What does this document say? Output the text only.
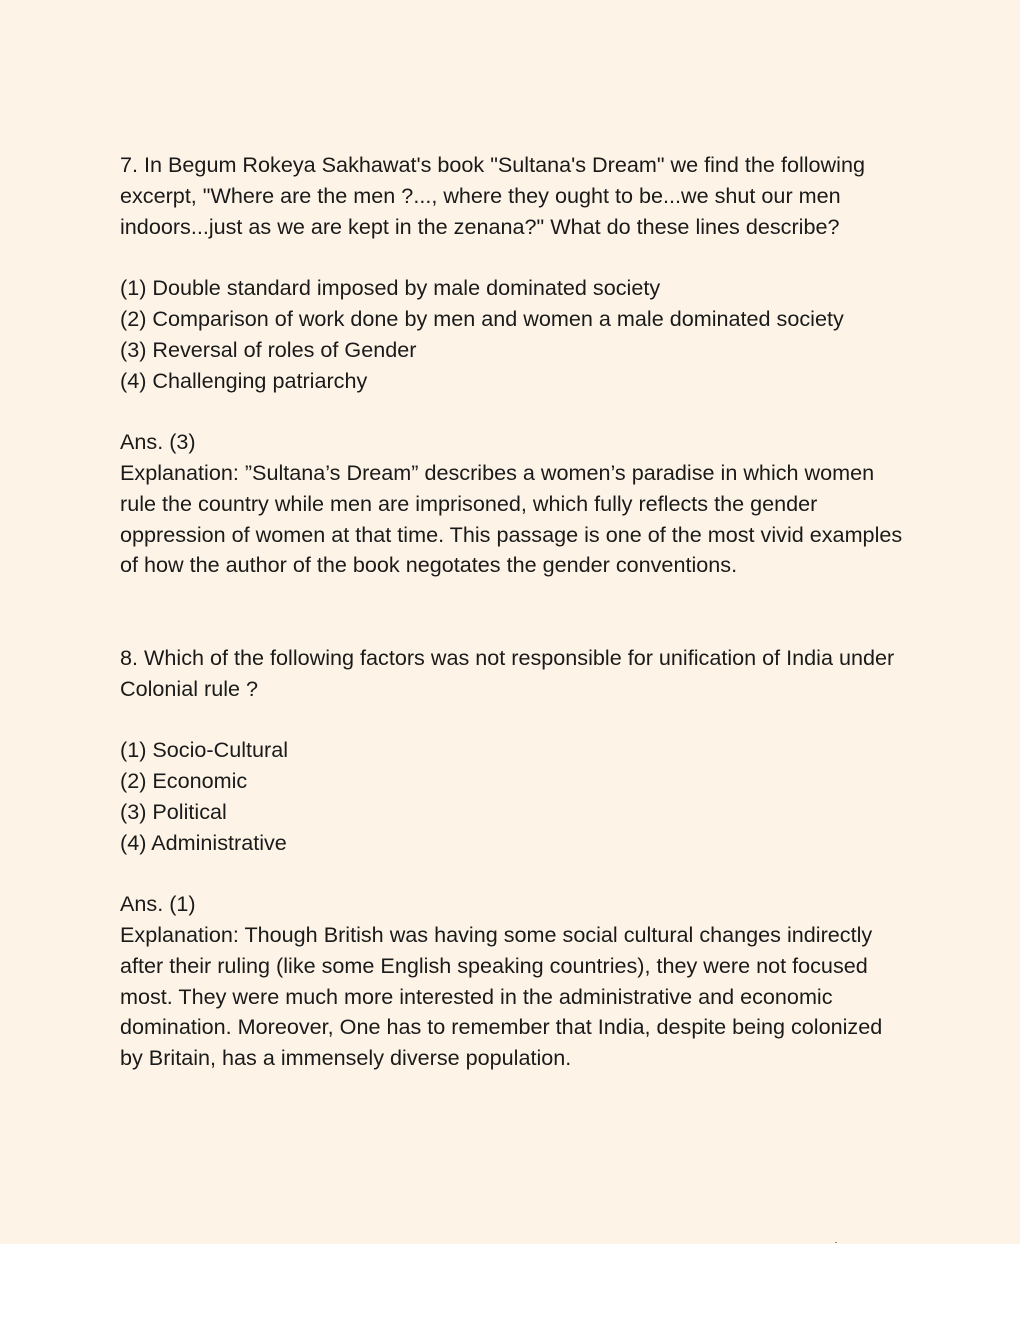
7. In Begum Rokeya Sakhawat's book "Sultana's Dream" we find the following excerpt, "Where are the men ?..., where they ought to be...we shut our men indoors...just as we are kept in the zenana?" What do these lines describe?

(1) Double standard imposed by male dominated society

(2) Comparison of work done by men and women a male dominated society

(3) Reversal of roles of Gender

(4) Challenging patriarchy

Ans. (3)

Explanation: ”Sultana’s Dream” describes a women’s paradise in which women rule the country while men are imprisoned, which fully reflects the gender oppression of women at that time. This passage is one of the most vivid examples of how the author of the book negotates the gender conventions.

8. Which of the following factors was not responsible for unification of India under Colonial rule ?

(1) Socio-Cultural

(2) Economic

(3) Political

(4) Administrative

Ans. (1)

Explanation: Though British was having some social cultural changes indirectly after their ruling (like some English speaking countries), they were not focused most. They were much more interested in the administrative and economic domination. Moreover, One has to remember that India, despite being colonized by Britain, has a immensely diverse population.
